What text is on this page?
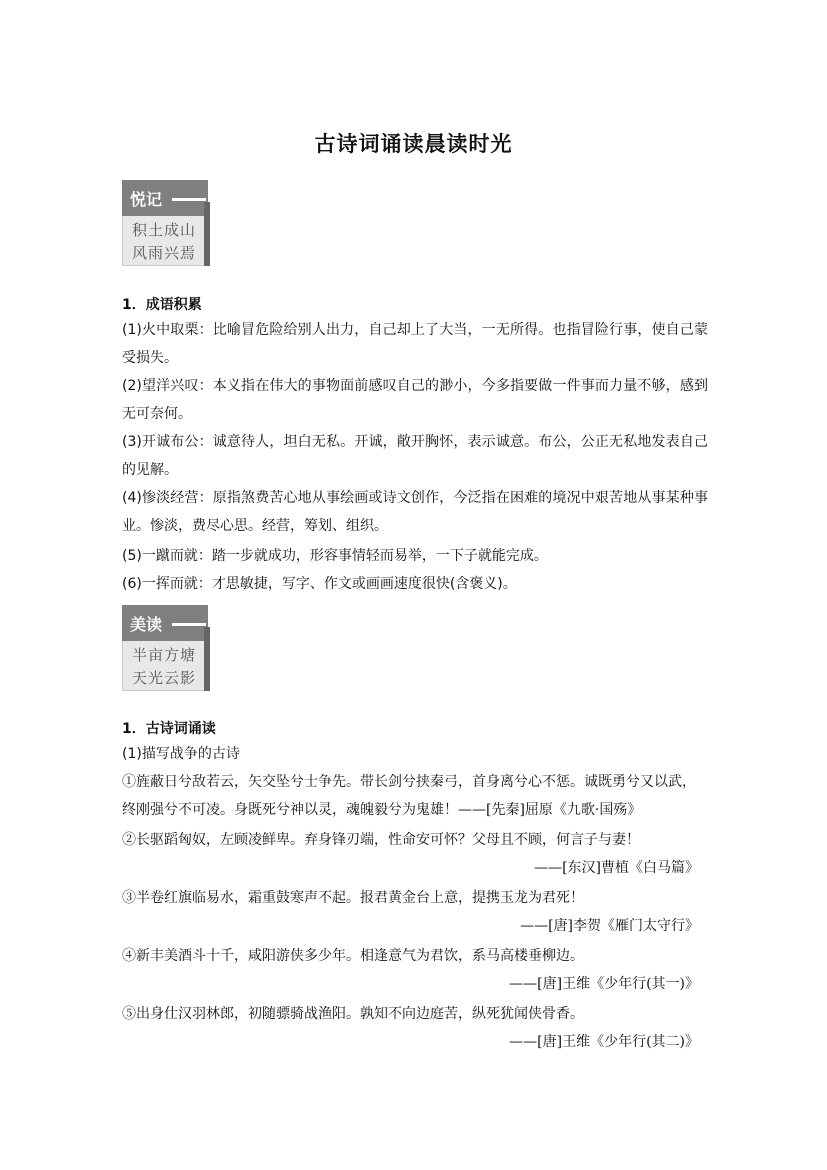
古诗词诵读晨读时光
悦记
积土成山
风雨兴焉
1．成语积累
(1)火中取栗：比喻冒危险给别人出力，自己却上了大当，一无所得。也指冒险行事，使自己蒙受损失。
(2)望洋兴叹：本义指在伟大的事物面前感叹自己的渺小，今多指要做一件事而力量不够，感到无可奈何。
(3)开诚布公：诚意待人，坦白无私。开诚，敞开胸怀，表示诚意。布公，公正无私地发表自己的见解。
(4)惨淡经营：原指煞费苦心地从事绘画或诗文创作，今泛指在困难的境况中艰苦地从事某种事业。惨淡，费尽心思。经营，筹划、组织。
(5)一蹴而就：踏一步就成功，形容事情轻而易举，一下子就能完成。
(6)一挥而就：才思敏捷，写字、作文或画画速度很快(含褒义)。
美读
半亩方塘
天光云影
1．古诗词诵读
(1)描写战争的古诗
①旌蔽日兮敌若云，矢交坠兮士争先。带长剑兮挟秦弓，首身离兮心不惩。诚既勇兮又以武，终刚强兮不可凌。身既死兮神以灵，魂魄毅兮为鬼雄！——[先秦]屈原《九歌·国殇》
②长驱蹈匈奴，左顾凌鲜卑。弃身锋刃端，性命安可怀？父母且不顾，何言子与妻！
——[东汉]曹植《白马篇》
③半卷红旗临易水，霜重鼓寒声不起。报君黄金台上意，提携玉龙为君死！
——[唐]李贺《雁门太守行》
④新丰美酒斗十千，咸阳游侠多少年。相逢意气为君饮，系马高楼垂柳边。
——[唐]王维《少年行(其一)》
⑤出身仕汉羽林郎，初随骠骑战渔阳。孰知不向边庭苦，纵死犹闻侠骨香。
——[唐]王维《少年行(其二)》
